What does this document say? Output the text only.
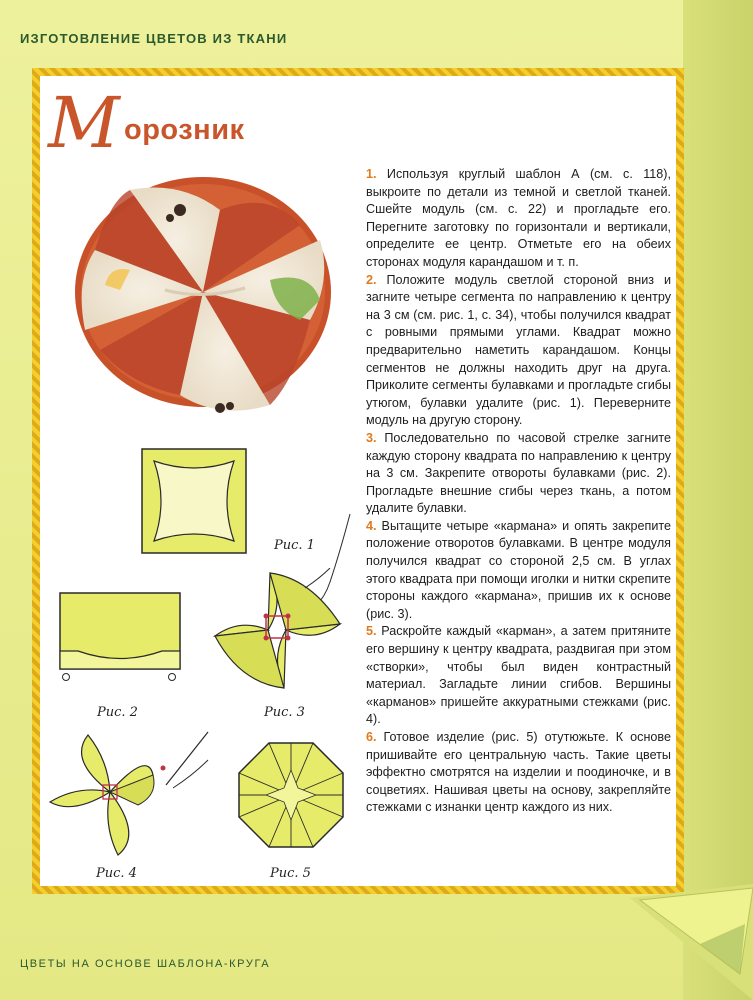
ИЗГОТОВЛЕНИЕ ЦВЕТОВ ИЗ ТКАНИ
М орозник
Рис. 1
Рис. 2	Рис. 3
Рис. 4	Рис. 5

1. Используя круглый шаблон А (см. с. 118), выкроите по детали из темной и светлой тканей. Сшейте модуль (см. с. 22) и прогладьте его. Перегните заготовку по горизонтали и вертикали, определите ее центр. Отметьте его на обеих сторонах модуля карандашом и т. п.

2. Положите модуль светлой стороной вниз и загните четыре сегмента по направлению к центру на 3 см (см. рис. 1, с. 34), чтобы получился квадрат с ровными прямыми углами. Квадрат можно предварительно наметить карандашом. Концы сегментов не должны находить друг на друга. Приколите сегменты булавками и прогладьте сгибы утюгом, булавки удалите (рис. 1). Переверните модуль на другую сторону.

3. Последовательно по часовой стрелке загните каждую сторону квадрата по направлению к центру на 3 см. Закрепите отвороты булавками (рис. 2). Прогладьте внешние сгибы через ткань, а потом удалите булавки.

4. Вытащите четыре «кармана» и опять закрепите положение отворотов булавками. В центре модуля получился квадрат со стороной 2,5 см. В углах этого квадрата при помощи иголки и нитки скрепите стороны каждого «кармана», пришив их к основе (рис. 3).

5. Раскройте каждый «карман», а затем притяните его вершину к центру квадрата, раздвигая при этом «створки», чтобы был виден контрастный материал. Загладьте линии сгибов. Вершины «карманов» пришейте аккуратными стежками (рис. 4).

6. Готовое изделие (рис. 5) отутюжьте. К основе пришивайте его центральную часть. Такие цветы эффектно смотрятся на изделии и поодиночке, и в соцветиях. Нашивая цветы на основу, закрепляйте стежками с изнанки центр каждого из них.

ЦВЕТЫ НА ОСНОВЕ ШАБЛОНА-КРУГА
